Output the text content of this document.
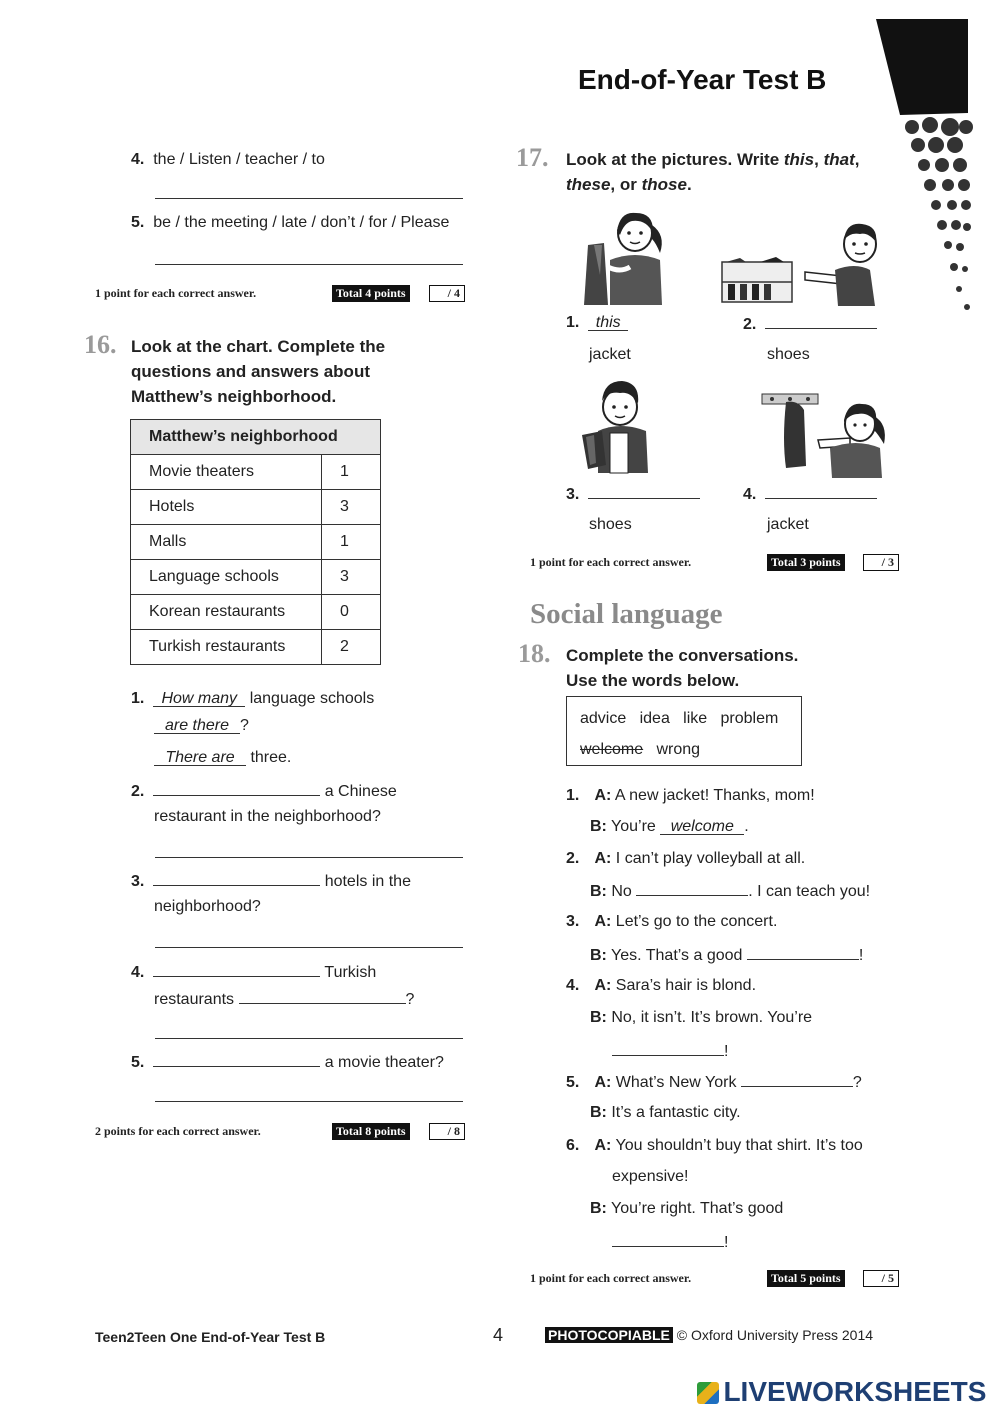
End-of-Year Test B
4. the / Listen / teacher / to
5. be / the meeting / late / don’t / for / Please
1 point for each correct answer.	Total 4 points	/ 4
16. Look at the chart. Complete the
questions and answers about
Matthew’s neighborhood.
Matthew’s neighborhood	
Movie theaters	1
Hotels	3
Malls	1
Language schools	3
Korean restaurants	0
Turkish restaurants	2
1. How many language schools
are there ?
There are three.
2.	a Chinese
restaurant in the neighborhood?
3.	hotels in the
neighborhood?
4.	Turkish
restaurants	?
5.	a movie theater?
2 points for each correct answer.	Total 8 points	/ 8
17. Look at the pictures. Write this, that,
these, or those.
1. this
jacket
2.
shoes
3.
shoes
4.
jacket
1 point for each correct answer.	Total 3 points	/ 3
Social language
18. Complete the conversations.
Use the words below.
advice   idea   like   problem
welcome wrong
1. A: A new jacket! Thanks, mom!
B: You’re welcome .
2. A: I can’t play volleyball at all.
B: No	. I can teach you!
3. A: Let’s go to the concert.
B: Yes. That’s a good	!
4. A: Sara’s hair is blond.
B: No, it isn’t. It’s brown. You’re
!
5. A: What’s New York	?
B: It’s a fantastic city.
6. A: You shouldn’t buy that shirt. It’s too
expensive!
B: You’re right. That’s good
!
1 point for each correct answer.	Total 5 points	/ 5
Teen2Teen One End-of-Year Test B	4	PHOTOCOPIABLE © Oxford University Press 2014
LIVEWORKSHEETS
